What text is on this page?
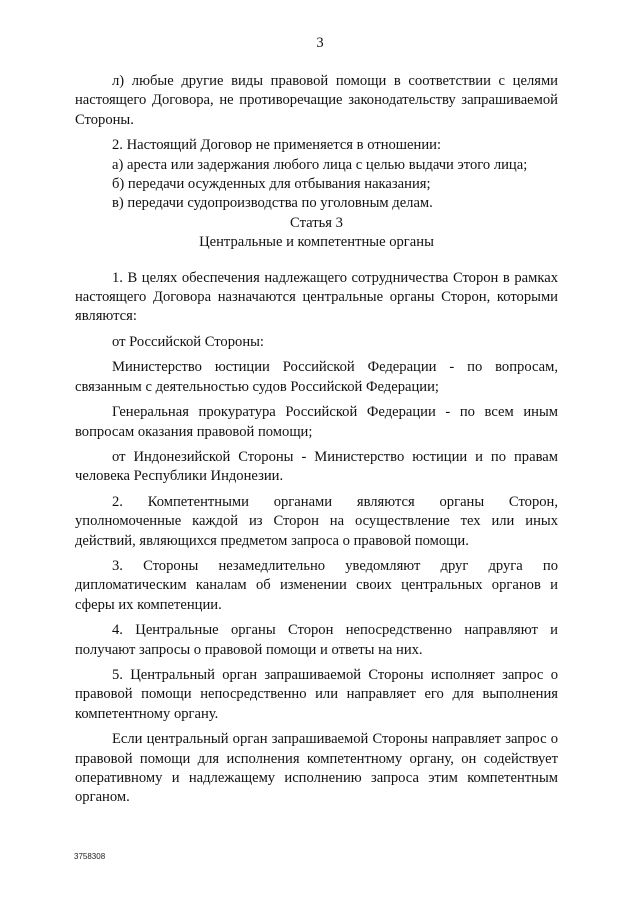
3

л) любые другие виды правовой помощи в соответствии с целями настоящего Договора, не противоречащие законодательству запрашиваемой Стороны.

2. Настоящий Договор не применяется в отношении:

а) ареста или задержания любого лица с целью выдачи этого лица;

б) передачи осужденных для отбывания наказания;

в) передачи судопроизводства по уголовным делам.

Статья 3

Центральные и компетентные органы

1. В целях обеспечения надлежащего сотрудничества Сторон в рамках настоящего Договора назначаются центральные органы Сторон, которыми являются:

от Российской Стороны:

Министерство юстиции Российской Федерации - по вопросам, связанным с деятельностью судов Российской Федерации;

Генеральная прокуратура Российской Федерации - по всем иным вопросам оказания правовой помощи;

от Индонезийской Стороны - Министерство юстиции и по правам человека Республики Индонезии.

2. Компетентными органами являются органы Сторон, уполномоченные каждой из Сторон на осуществление тех или иных действий, являющихся предметом запроса о правовой помощи.

3. Стороны незамедлительно уведомляют друг друга по дипломатическим каналам об изменении своих центральных органов и сферы их компетенции.

4. Центральные органы Сторон непосредственно направляют и получают запросы о правовой помощи и ответы на них.

5. Центральный орган запрашиваемой Стороны исполняет запрос о правовой помощи непосредственно или направляет его для выполнения компетентному органу.

Если центральный орган запрашиваемой Стороны направляет запрос о правовой помощи для исполнения компетентному органу, он содействует оперативному и надлежащему исполнению запроса этим компетентным органом.

3758308
